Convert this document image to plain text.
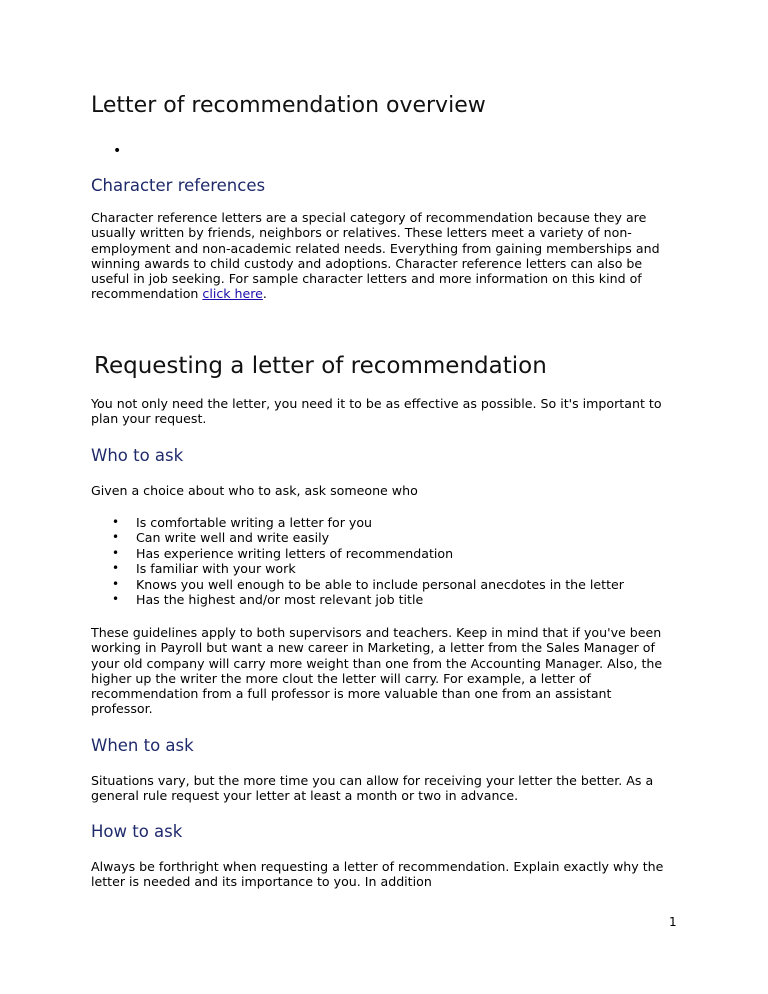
Letter of recommendation overview
•
Character references
Character reference letters are a special category of recommendation because they are
usually written by friends, neighbors or relatives. These letters meet a variety of non-
employment and non-academic related needs. Everything from gaining memberships and
winning awards to child custody and adoptions. Character reference letters can also be
useful in job seeking. For sample character letters and more information on this kind of
recommendation click here.
Requesting a letter of recommendation
You not only need the letter, you need it to be as effective as possible. So it's important to
plan your request.
Who to ask
Given a choice about who to ask, ask someone who
• Is comfortable writing a letter for you
• Can write well and write easily
• Has experience writing letters of recommendation
• Is familiar with your work
• Knows you well enough to be able to include personal anecdotes in the letter
• Has the highest and/or most relevant job title
These guidelines apply to both supervisors and teachers. Keep in mind that if you've been
working in Payroll but want a new career in Marketing, a letter from the Sales Manager of
your old company will carry more weight than one from the Accounting Manager. Also, the
higher up the writer the more clout the letter will carry. For example, a letter of
recommendation from a full professor is more valuable than one from an assistant
professor.
When to ask
Situations vary, but the more time you can allow for receiving your letter the better. As a
general rule request your letter at least a month or two in advance.
How to ask
Always be forthright when requesting a letter of recommendation. Explain exactly why the
letter is needed and its importance to you. In addition
1
